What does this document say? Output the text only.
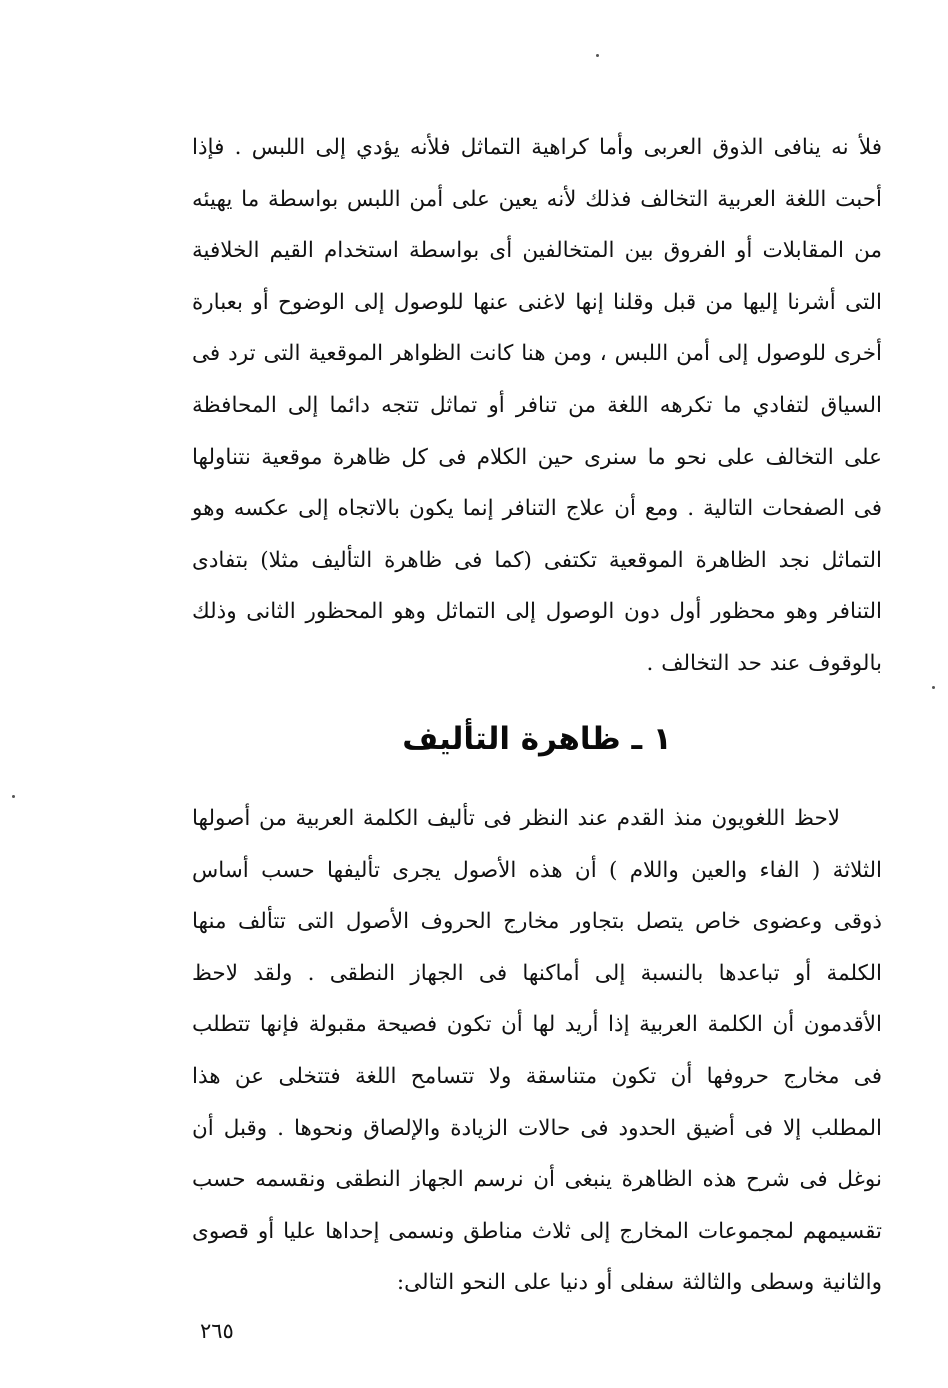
فلأ نه ينافى الذوق العربى وأما كراهية التماثل فلأنه يؤدي إلى اللبس . فإذا أحبت اللغة العربية التخالف فذلك لأنه يعين على أمن اللبس بواسطة ما يهيئه من المقابلات أو الفروق بين المتخالفين أى بواسطة استخدام القيم الخلافية التى أشرنا إليها من قبل وقلنا إنها لاغنى عنها للوصول إلى الوضوح أو بعبارة أخرى للوصول إلى أمن اللبس ، ومن هنا كانت الظواهر الموقعية التى ترد فى السياق لتفادي ما تكرهه اللغة من تنافر أو تماثل تتجه دائما إلى المحافظة على التخالف على نحو ما سنرى حين الكلام فى كل ظاهرة موقعية نتناولها فى الصفحات التالية . ومع أن علاج التنافر إنما يكون بالاتجاه إلى عكسه وهو التماثل نجد الظاهرة الموقعية تكتفى (كما فى ظاهرة التأليف مثلا) بتفادى التنافر وهو محظور أول دون الوصول إلى التماثل وهو المحظور الثانى وذلك بالوقوف عند حد التخالف .

١ ـ ظاهرة التأليف

لاحظ اللغويون منذ القدم عند النظر فى تأليف الكلمة العربية من أصولها الثلاثة ( الفاء والعين واللام ) أن هذه الأصول يجرى تأليفها حسب أساس ذوقى وعضوى خاص يتصل بتجاور مخارج الحروف الأصول التى تتألف منها الكلمة أو تباعدها بالنسبة إلى أماكنها فى الجهاز النطقى . ولقد لاحظ الأقدمون أن الكلمة العربية إذا أريد لها أن تكون فصيحة مقبولة فإنها تتطلب فى مخارج حروفها أن تكون متناسقة ولا تتسامح اللغة فتتخلى عن هذا المطلب إلا فى أضيق الحدود فى حالات الزيادة والإلصاق ونحوها . وقبل أن نوغل فى شرح هذه الظاهرة ينبغى أن نرسم الجهاز النطقى ونقسمه حسب تقسيمهم لمجموعات المخارج إلى ثلاث مناطق ونسمى إحداها عليا أو قصوى والثانية وسطى والثالثة سفلى أو دنيا على النحو التالى:

٢٦٥
